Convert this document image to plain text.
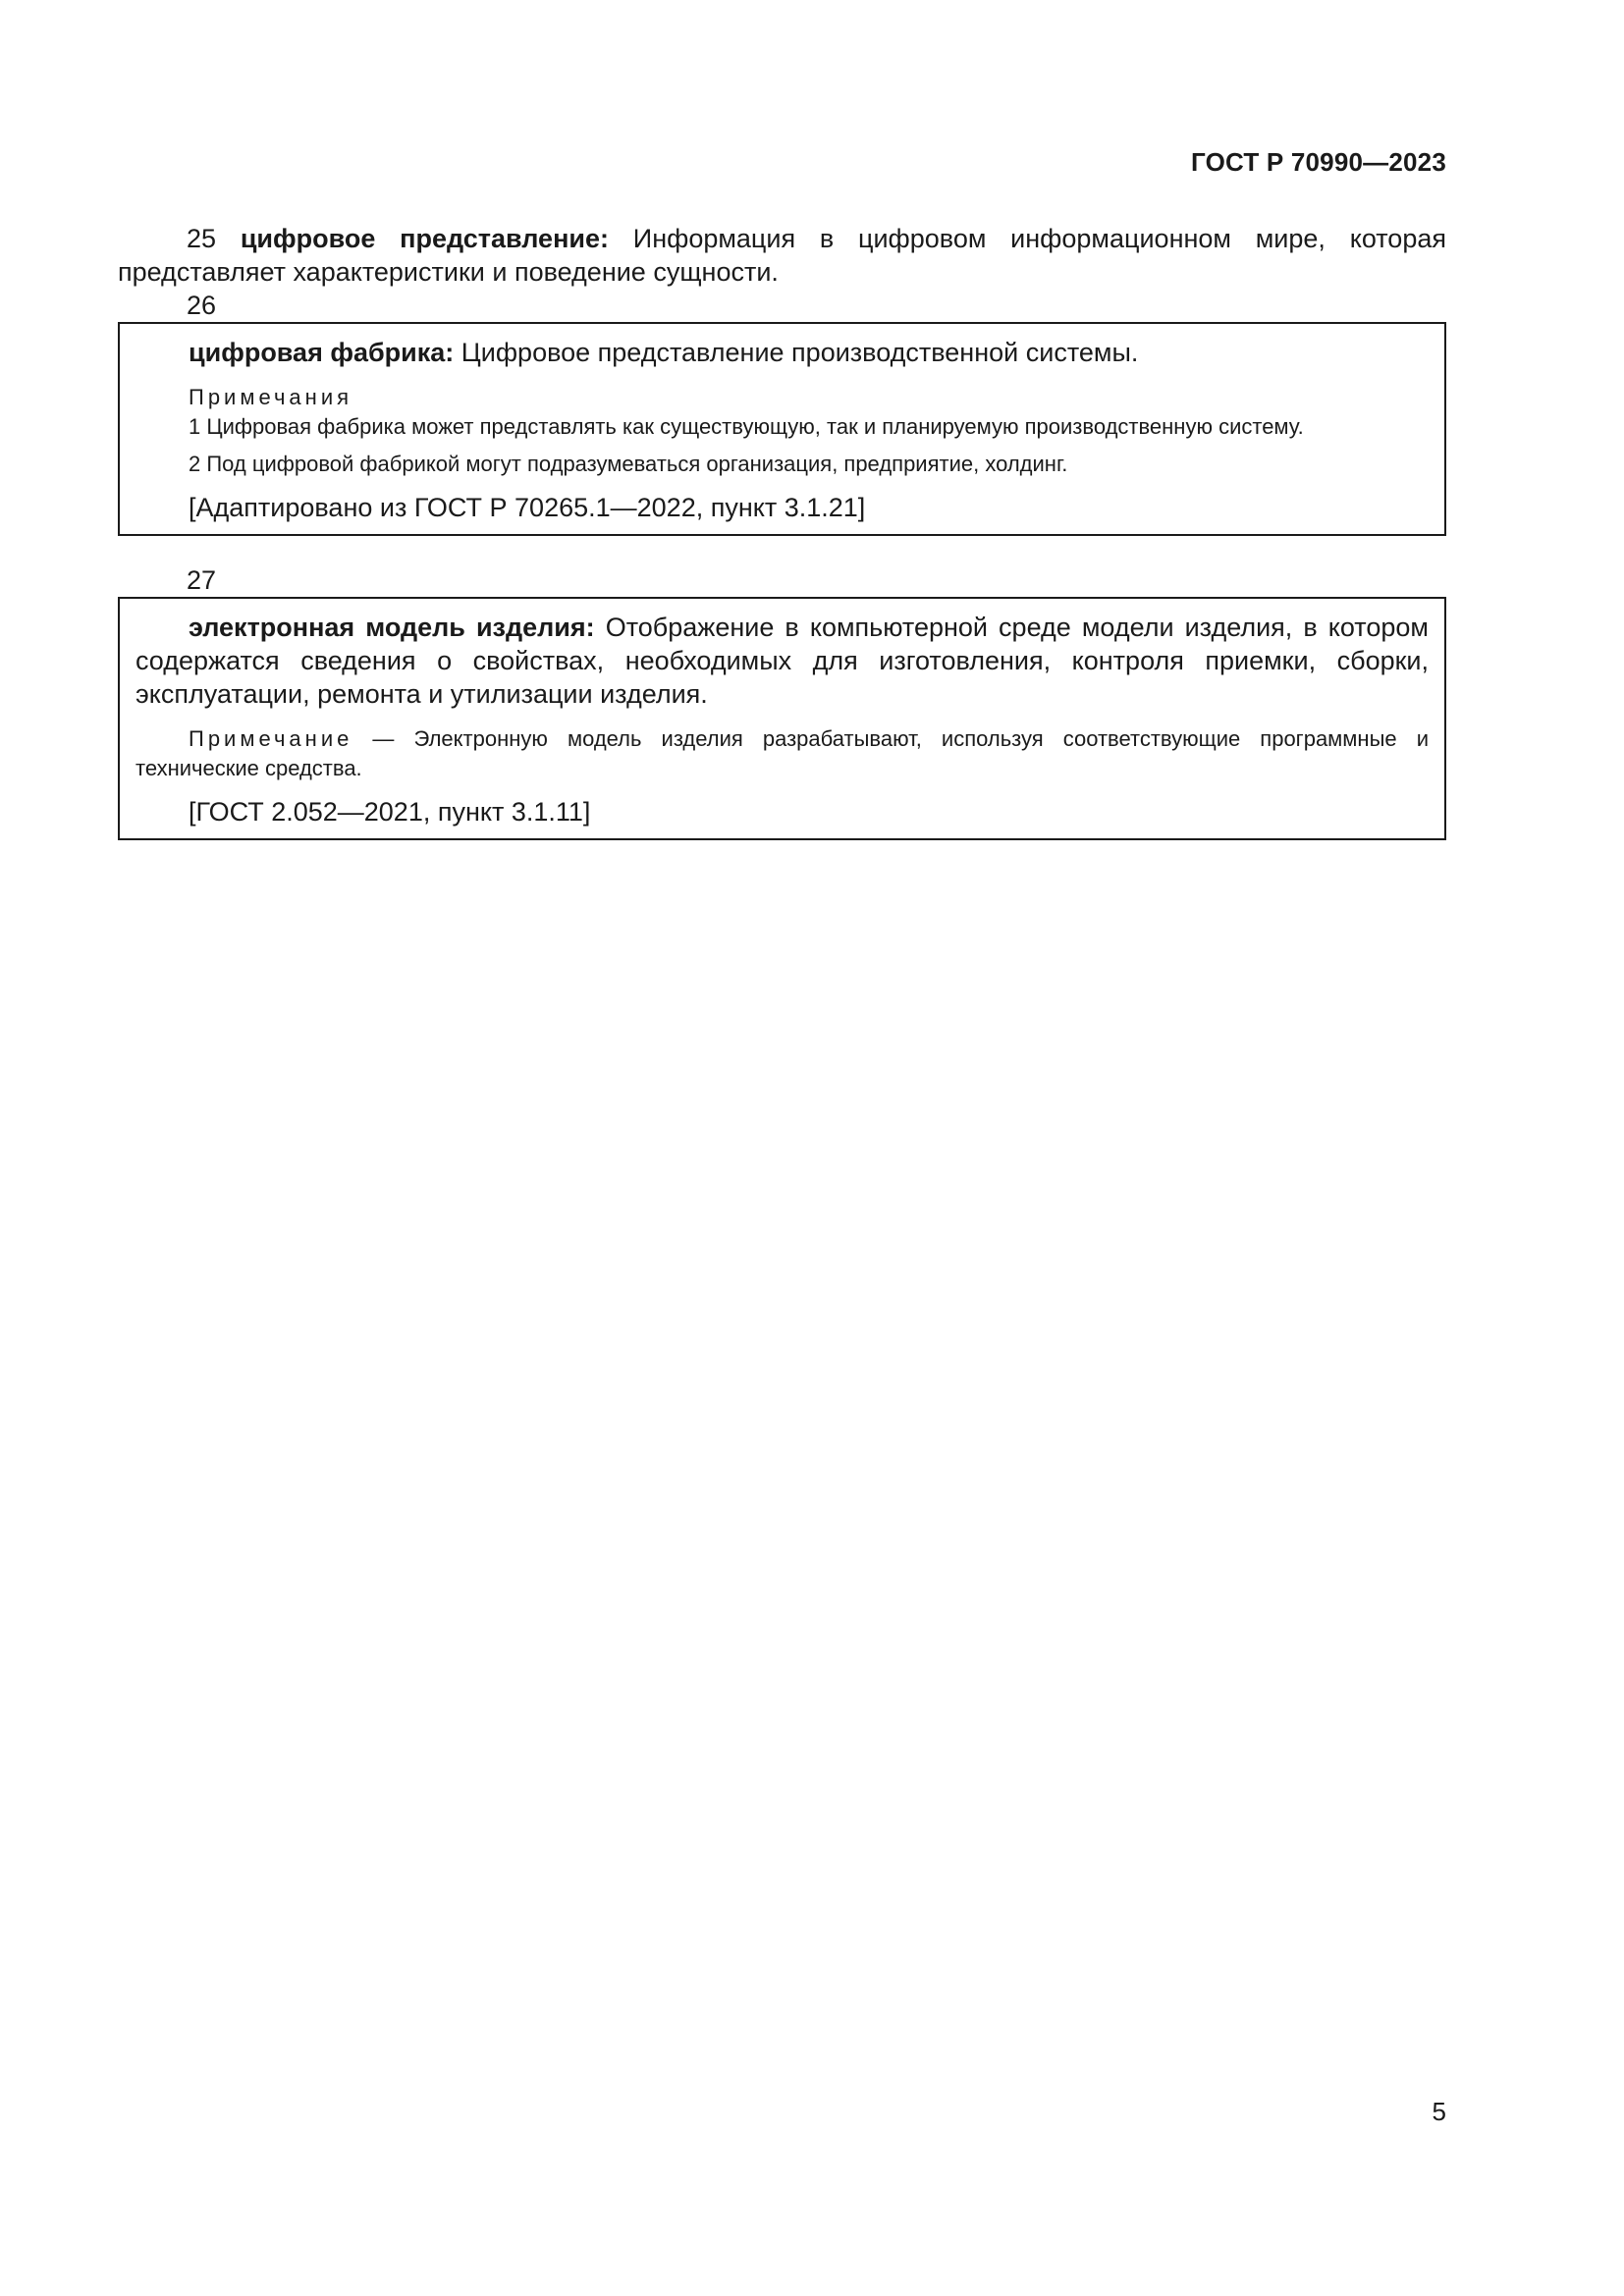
ГОСТ Р 70990—2023

25 цифровое представление: Информация в цифровом информационном мире, которая представляет характеристики и поведение сущности.

26

цифровая фабрика: Цифровое представление производственной системы.

Примечания

1 Цифровая фабрика может представлять как существующую, так и планируемую производственную систему.

2 Под цифровой фабрикой могут подразумеваться организация, предприятие, холдинг.

[Адаптировано из ГОСТ Р 70265.1—2022, пункт 3.1.21]

27

электронная модель изделия: Отображение в компьютерной среде модели изделия, в котором содержатся сведения о свойствах, необходимых для изготовления, контроля приемки, сборки, эксплуатации, ремонта и утилизации изделия.

Примечание — Электронную модель изделия разрабатывают, используя соответствующие программные и технические средства.

[ГОСТ 2.052—2021, пункт 3.1.11]

5
